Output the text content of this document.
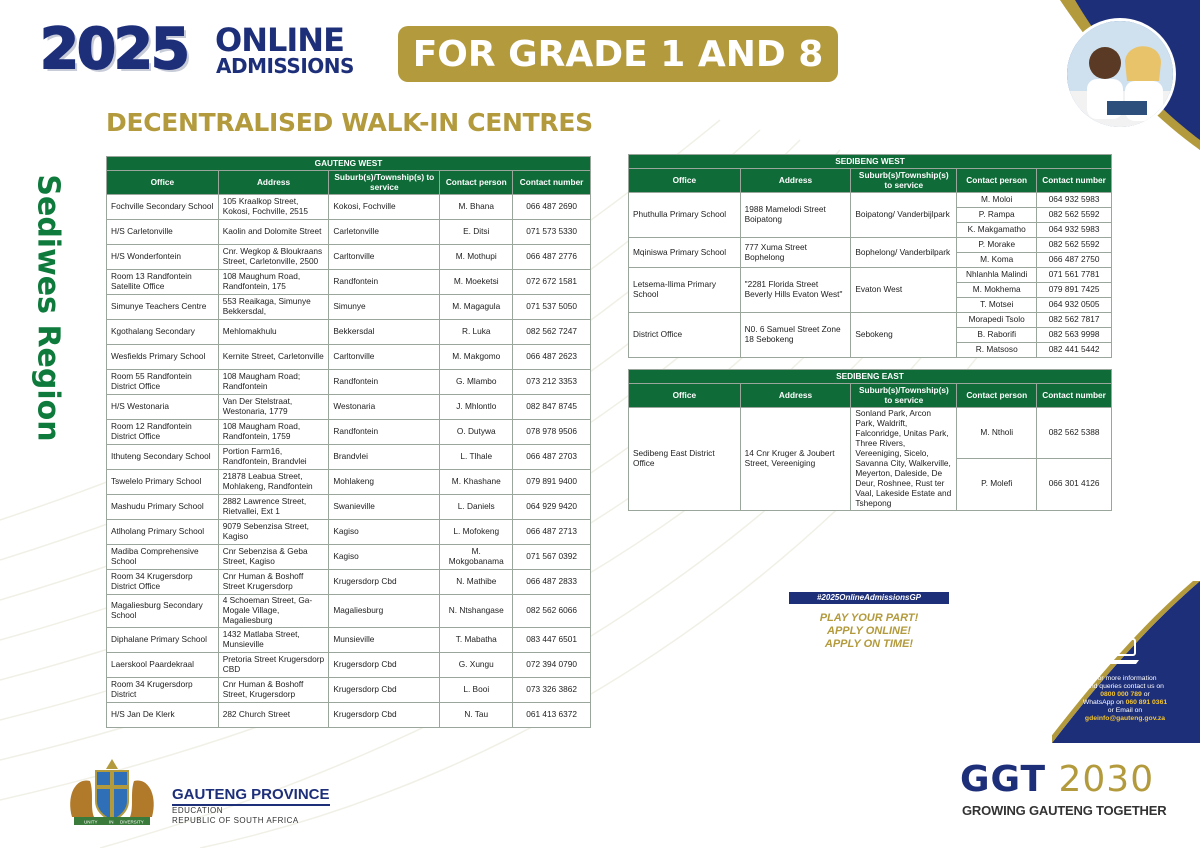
2025 ONLINE
ADMISSIONS	FOR GRADE 1 AND 8
DECENTRALISED WALK-IN CENTRES
Sediwes Region
GAUTENG WEST				
Office	Address	Suburb(s)/Township(s) to service	Contact person	Contact number
Fochville Secondary School	105 Kraalkop Street, Kokosi, Fochville, 2515	Kokosi, Fochville	M. Bhana	066 487 2690
H/S Carletonville	Kaolin and Dolomite Street	Carletonville	E. Ditsi	071 573 5330
H/S Wonderfontein	Cnr. Wegkop & Bloukraans Street, Carletonville, 2500	Carltonville	M. Mothupi	066 487 2776
Room 13 Randfontein Satellite Office	108 Maughum Road, Randfontein, 175	Randfontein	M. Moeketsi	072 672 1581
Simunye Teachers Centre	553 Reaikaga, Simunye Bekkersdal,	Simunye	M. Magagula	071 537 5050
Kgothalang Secondary	Mehlomakhulu	Bekkersdal	R. Luka	082 562 7247
Wesfields Primary School	Kernite Street, Carletonville	Carltonville	M. Makgomo	066 487 2623
Room 55 Randfontein District Office	108 Maugham Road; Randfontein	Randfontein	G. Mlambo	073 212 3353
H/S Westonaria	Van Der Stelstraat, Westonaria, 1779	Westonaria	J. Mhlontlo	082 847 8745
Room 12 Randfontein District Office	108 Maugham Road, Randfontein, 1759	Randfontein	O. Dutywa	078 978 9506
Ithuteng Secondary School	Portion Farm16, Randfontein, Brandvlei	Brandvlei	L. Tlhale	066 487 2703
Tswelelo Primary School	21878 Leabua Street, Mohlakeng, Randfontein	Mohlakeng	M. Khashane	079 891 9400
Mashudu Primary School	2882 Lawrence Street, Rietvallei, Ext 1	Swanieville	L. Daniels	064 929 9420
Atlholang Primary School	9079 Sebenzisa Street, Kagiso	Kagiso	L. Mofokeng	066 487 2713
Madiba Comprehensive School	Cnr Sebenzisa & Geba Street, Kagiso	Kagiso	M. Mokgobanama	071 567 0392
Room 34 Krugersdorp District Office	Cnr Human & Boshoff Street Krugersdorp	Krugersdorp Cbd	N. Mathibe	066 487 2833
Magaliesburg Secondary School	4 Schoeman Street, Ga-Mogale Village, Magaliesburg	Magaliesburg	N. Ntshangase	082 562 6066
Diphalane Primary School	1432 Matlaba Street, Munsieville	Munsieville	T. Mabatha	083 447 6501
Laerskool Paardekraal	Pretoria Street Krugersdorp CBD	Krugersdorp Cbd	G. Xungu	072 394 0790
Room 34 Krugersdorp District	Cnr Human & Boshoff Street, Krugersdorp	Krugersdorp Cbd	L. Booi	073 326 3862
H/S Jan De Klerk	282 Church Street	Krugersdorp Cbd	N. Tau	061 413 6372
SEDIBENG WEST				
Office	Address	Suburb(s)/Township(s) to service	Contact person	Contact number
Phuthulla Primary School	1988 Mamelodi Street Boipatong	Boipatong/ Vanderbijlpark	M. Moloi	064 932 5983
			P. Rampa	082 562 5592
			K. Makgamatho	064 932 5983
Mqiniswa Primary School	777 Xuma Street Bophelong	Bophelong/ Vanderbilpark	P. Morake	082 562 5592
			M. Koma	066 487 2750
Letsema-Ilima Primary School	"2281 Florida Street Beverly Hills Evaton West"	Evaton West	Nhlanhla Malindi	071 561 7781
			M. Mokhema	079 891 7425
			T. Motsei	064 932 0505
District Office	N0. 6 Samuel Street Zone 18 Sebokeng	Sebokeng	Morapedi Tsolo	082 562 7817
			B. Raborifi	082 563 9998
			R. Matsoso	082 441 5442
SEDIBENG EAST				
Office	Address	Suburb(s)/Township(s) to service	Contact person	Contact number
Sedibeng East District Office	14 Cnr Kruger & Joubert Street, Vereeniging	Sonland Park, Arcon Park, Waldrift, Falconridge, Unitas Park, Three Rivers, Vereeniging, Sicelo, Savanna City, Walkerville, Meyerton, Daleside, De Deur, Roshnee, Rust ter Vaal, Lakeside Estate and Tshepong	M. Ntholi	082 562 5388
			P. Molefi	066 301 4126
#2025OnlineAdmissionsGP
PLAY YOUR PART!
APPLY ONLINE!
APPLY ON TIME!
For more information
and queries contact us on
0800 000 789 or
WhatsApp on 060 891 0361
or Email on
gdeinfo@gauteng.gov.za
UNITY	IN DIVERSITY
GAUTENG PROVINCE
EDUCATION
REPUBLIC OF SOUTH AFRICA
GGT 2030
GROWING GAUTENG TOGETHER
